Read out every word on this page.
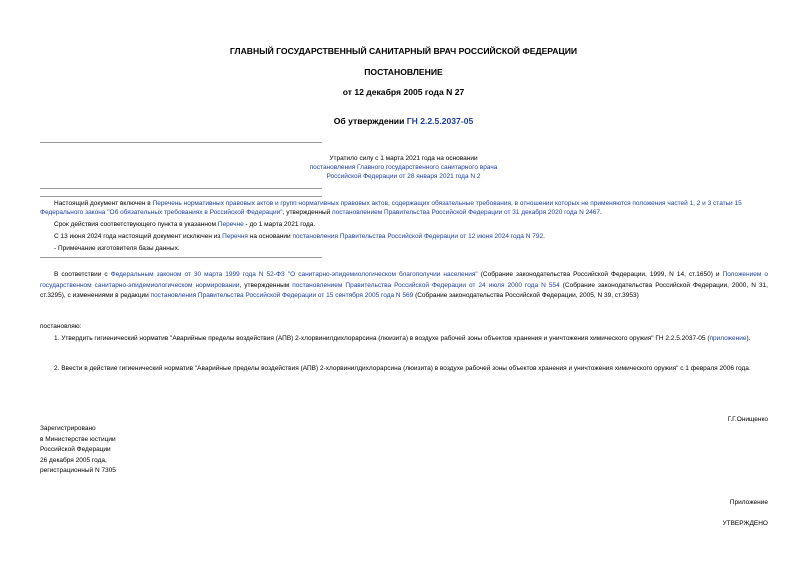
ГЛАВНЫЙ ГОСУДАРСТВЕННЫЙ САНИТАРНЫЙ ВРАЧ РОССИЙСКОЙ ФЕДЕРАЦИИ
ПОСТАНОВЛЕНИЕ
от 12 декабря 2005 года N 27
Об утверждении ГН 2.2.5.2037-05
Утратило силу с 1 марта 2021 года на основании
постановления Главного государственного санитарного врача
Российской Федерации от 28 января 2021 года N 2

Настоящий документ включен в Перечень нормативных правовых актов и групп нормативных правовых актов, содержащих обязательные требования, в отношении которых не применяются положения частей 1, 2 и 3 статьи 15 Федерального закона "Об обязательных требованиях в Российской Федерации", утвержденный постановлением Правительства Российской Федерации от 31 декабря 2020 года N 2467.

Срок действия соответствующего пункта в указанном Перечне - до 1 марта 2021 года.

С 13 июня 2024 года настоящий документ исключен из Перечня на основании постановления Правительства Российской Федерации от 12 июня 2024 года N 792.

- Примечание изготовителя базы данных.

В соответствии с Федеральным законом от 30 марта 1999 года N 52-ФЗ "О санитарно-эпидемиологическом благополучии населения" (Собрание законодательства Российской Федерации, 1999, N 14, ст.1650) и Положением о государственном санитарно-эпидемиологическом нормировании, утвержденным постановлением Правительства Российской Федерации от 24 июля 2000 года N 554 (Собрание законодательства Российской Федерации, 2000, N 31, ст.3295), с изменениями в редакции постановления Правительства Российской Федерации от 15 сентября 2005 года N 569 (Собрание законодательства Российской Федерации, 2005, N 39, ст.3953)

постановляю:

1. Утвердить гигиенический норматив "Аварийные пределы воздействия (АПВ) 2-хлорвинилдихлорарсина (люизита) в воздухе рабочей зоны объектов хранения и уничтожения химического оружия" ГН 2.2.5.2037-05 (приложение).

2. Ввести в действие гигиенический норматив "Аварийные пределы воздействия (АПВ) 2-хлорвинилдихлорарсина (люизита) в воздухе рабочей зоны объектов хранения и уничтожения химического оружия" с 1 февраля 2006 года.

Г.Г.Онищенко
Зарегистрировано
в Министерстве юстиции
Российской Федерации
26 декабря 2005 года,
регистрационный N 7305
Приложение
УТВЕРЖДЕНО
